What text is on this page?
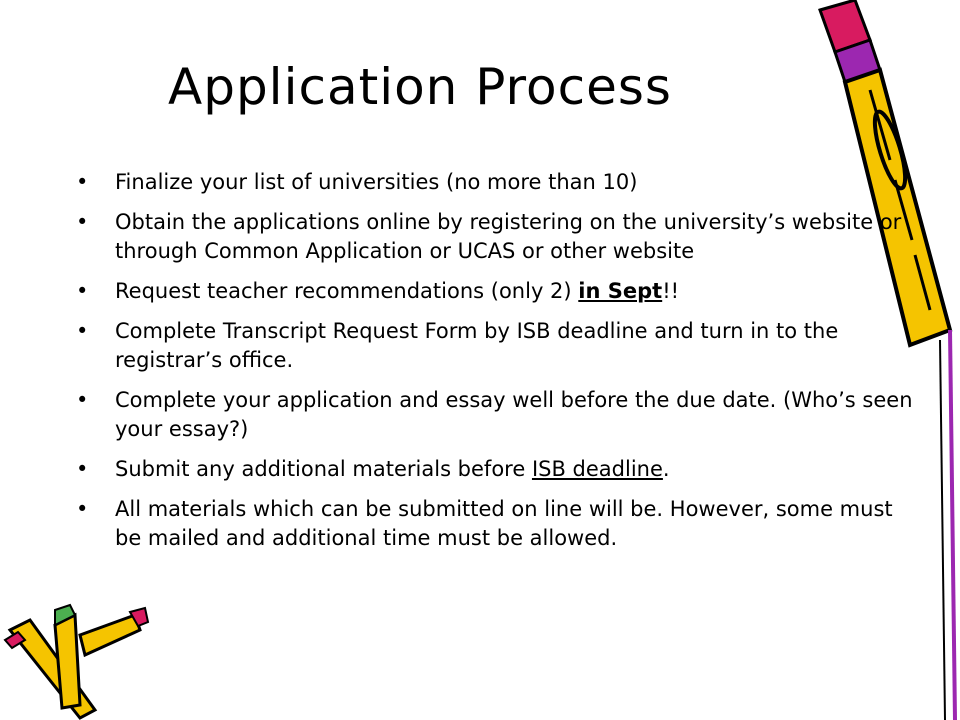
Application Process
• Finalize your list of universities (no more than 10)
• Obtain the applications online by registering on the university’s website or through Common Application or UCAS or other website
• Request teacher recommendations (only 2) in Sept!!
• Complete Transcript Request Form by ISB deadline and turn in to the registrar’s office.
• Complete your application and essay well before the due date. (Who’s seen your essay?)
• Submit any additional materials before ISB deadline.
• All materials which can be submitted on line will be. However, some must be mailed and additional time must be allowed.
